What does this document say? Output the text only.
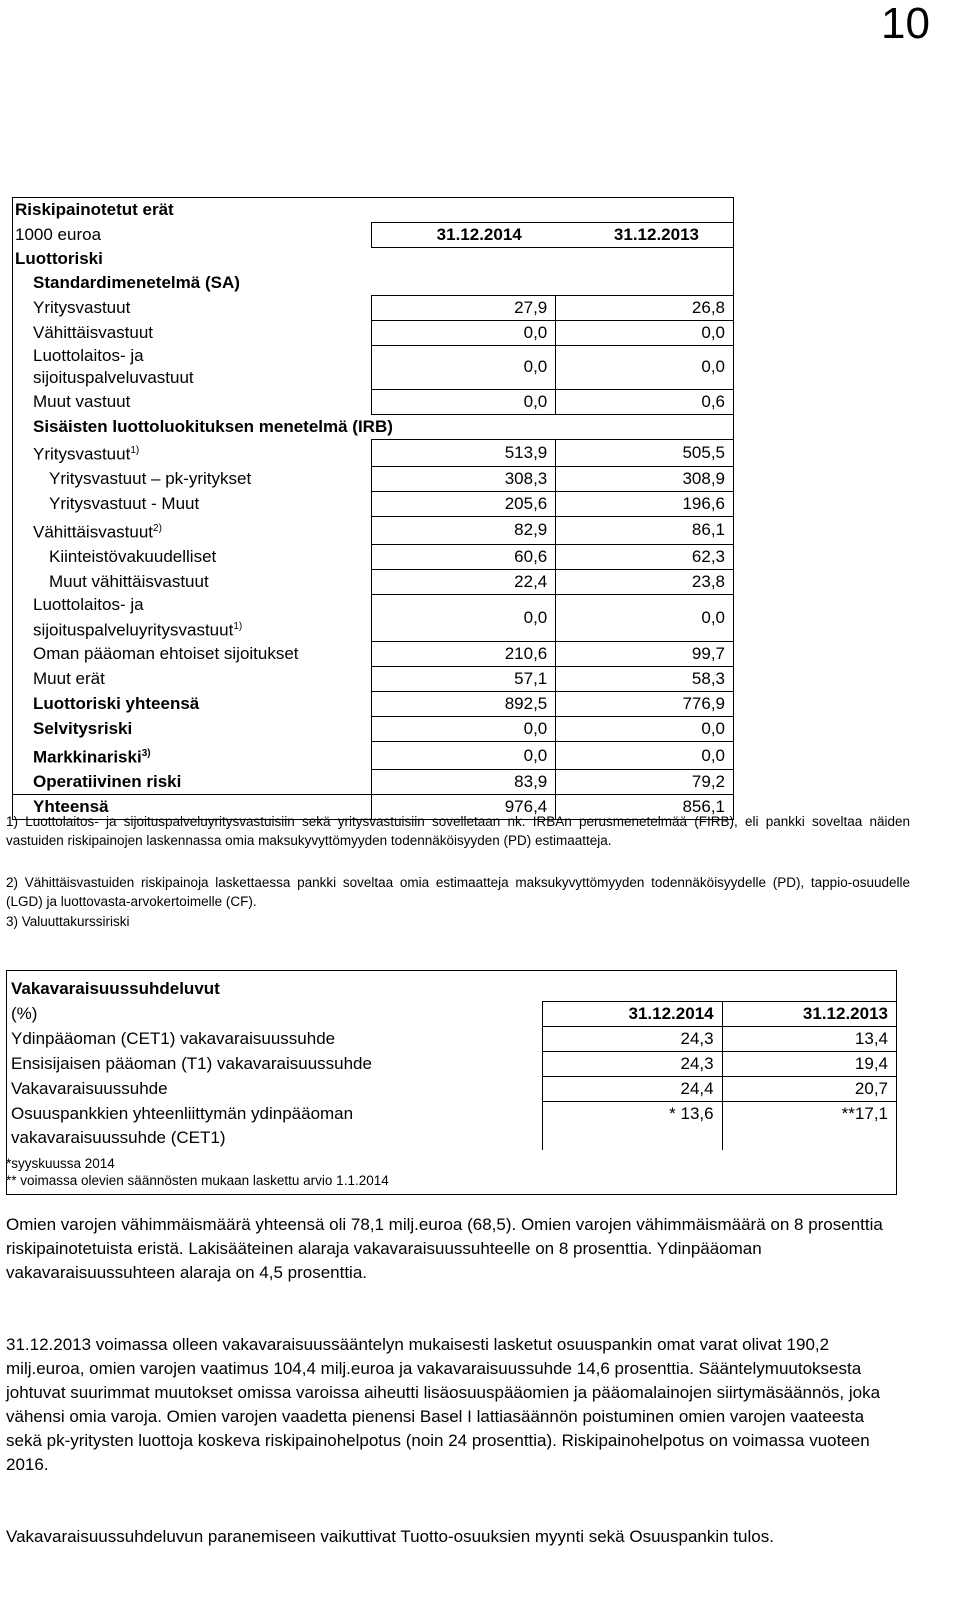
10
Riskipainotetut erät		
1000 euroa	31.12.2014	31.12.2013
Luottoriski		
Standardimenetelmä (SA)		
Yritysvastuut	27,9	26,8
Vähittäisvastuut	0,0	0,0

Luottolaitos- ja
sijoituspalveluvastuut	0,0	0,0
Muut vastuut	0,0	0,6
Sisäisten luottoluokituksen menetelmä (IRB)		
Yritysvastuut$^{1)}$	513,9	505,5
Yritysvastuut – pk-yritykset	308,3	308,9
Yritysvastuut - Muut	205,6	196,6
Vähittäisvastuut$^{2)}$	82,9	86,1
Kiinteistövakuudelliset	60,6	62,3
Muut vähittäisvastuut	22,4	23,8

Luottolaitos- ja
sijoituspalveluyritysvastuut$^{1)}$	0,0	0,0
Oman pääoman ehtoiset sijoitukset	210,6	99,7
Muut erät	57,1	58,3
Luottoriski yhteensä	892,5	776,9
Selvitysriski	0,0	0,0
Markkinariski$^{3)}$	0,0	0,0
Operatiivinen riski	83,9	79,2
Yhteensä	976,4	856,1
1) Luottolaitos- ja sijoituspalveluyritysvastuisiin sekä yritysvastuisiin sovelletaan nk. IRBAn perusmenetelmää (FIRB), eli pankki soveltaa näiden vastuiden riskipainojen laskennassa omia maksukyvyttömyyden todennäköisyyden (PD) estimaatteja.
2) Vähittäisvastuiden riskipainoja laskettaessa pankki soveltaa omia estimaatteja maksukyvyttömyyden todennäköisyydelle (PD), tappio-osuudelle (LGD) ja luottovasta-arvokertoimelle (CF).
3) Valuuttakurssiriski
Vakavaraisuussuhdeluvut		
(%)	31.12.2014	31.12.2013
Ydinpääoman (CET1) vakavaraisuussuhde	24,3	13,4
Ensisijaisen pääoman (T1) vakavaraisuussuhde	24,3	19,4
Vakavaraisuussuhde	24,4	20,7

Osuuspankkien yhteenliittymän ydinpääoman
vakavaraisuussuhde (CET1)	* 13,6	**17,1

*syyskuussa 2014
** voimassa olevien säännösten mukaan laskettu arvio 1.1.2014
Omien varojen vähimmäismäärä yhteensä oli 78,1 milj.euroa (68,5). Omien varojen vähimmäismäärä on 8 prosenttia riskipainotetuista eristä. Lakisääteinen alaraja vakavaraisuussuhteelle on 8 prosenttia. Ydinpääoman vakavaraisuussuhteen alaraja on 4,5 prosenttia.
31.12.2013 voimassa olleen vakavaraisuussääntelyn mukaisesti lasketut osuuspankin omat varat olivat 190,2 milj.euroa, omien varojen vaatimus 104,4 milj.euroa ja vakavaraisuussuhde 14,6 prosenttia. Sääntelymuutoksesta johtuvat suurimmat muutokset omissa varoissa aiheutti lisäosuuspääomien ja pääomalainojen siirtymäsäännös, joka vähensi omia varoja. Omien varojen vaadetta pienensi Basel I lattiasäännön poistuminen omien varojen vaateesta sekä pk-yritysten luottoja koskeva riskipainohelpotus (noin 24 prosenttia). Riskipainohelpotus on voimassa vuoteen 2016.
Vakavaraisuussuhdeluvun paranemiseen vaikuttivat Tuotto-osuuksien myynti sekä Osuuspankin tulos.
